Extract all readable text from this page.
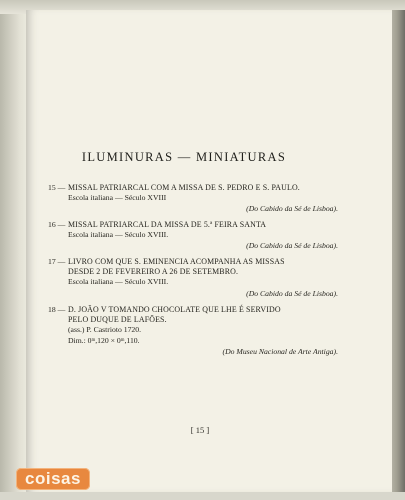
ILUMINURAS — MINIATURAS
15 — MISSAL PATRIARCAL COM A MISSA DE S. PEDRO E S. PAULO.
Escola italiana — Século XVIII
(Do Cabido da Sé de Lisboa).
16 — MISSAL PATRIARCAL DA MISSA DE 5.ª FEIRA SANTA
Escola italiana — Século XVIII.
(Do Cabido da Sé de Lisboa).
17 — LIVRO COM QUE S. EMINENCIA ACOMPANHA AS MISSAS
DESDE 2 DE FEVEREIRO A 26 DE SETEMBRO.
Escola italiana — Século XVIII.
(Do Cabido da Sé de Lisboa).
18 — D. JOÃO V TOMANDO CHOCOLATE QUE LHE É SERVIDO
PELO DUQUE DE LAFÕES.
(ass.) P. Castrioto 1720.
Dim.: 0ᵐ,120 × 0ᵐ,110.
(Do Museu Nacional de Arte Antiga).
[ 15 ]
coisas
